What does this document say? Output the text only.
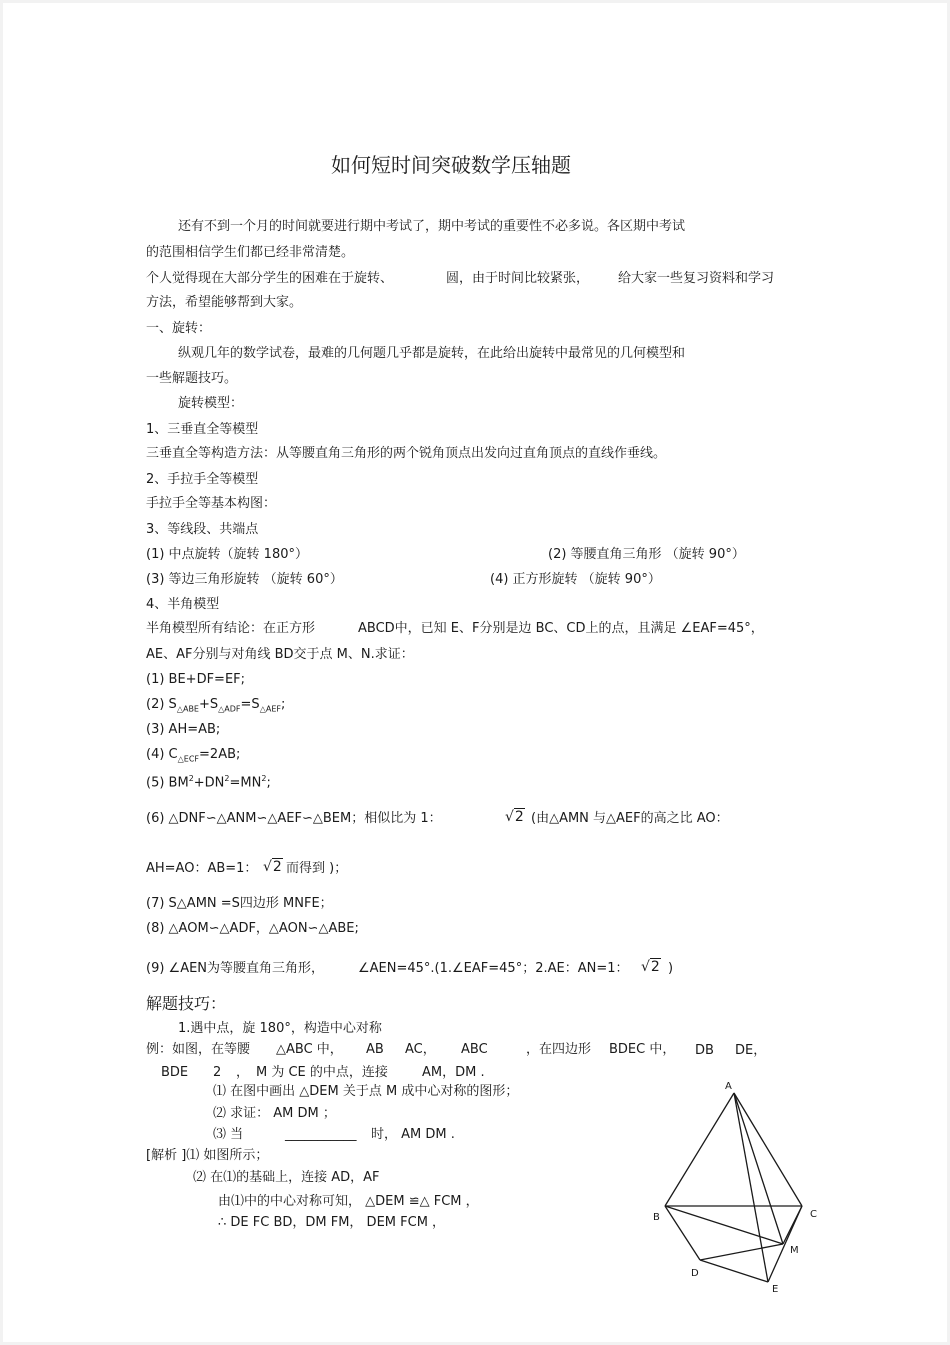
如何短时间突破数学压轴题
还有不到一个月的时间就要进行期中考试了，期中考试的重要性不必多说。各区期中考试
的范围相信学生们都已经非常清楚。
个人觉得现在大部分学生的困难在于旋转、	圆，由于时间比较紧张， 给大家一些复习资料和学习
方法，希望能够帮到大家。
一、旋转：
纵观几年的数学试卷，最难的几何题几乎都是旋转，在此给出旋转中最常见的几何模型和
一些解题技巧。
旋转模型：
1、三垂直全等模型
三垂直全等构造方法：从等腰直角三角形的两个锐角顶点出发向过直角顶点的直线作垂线。
2、手拉手全等模型
手拉手全等基本构图：
3、等线段、共端点
(1) 中点旋转（旋转 180°）	(2) 等腰直角三角形 （旋转 90°）
(3) 等边三角形旋转 （旋转 60°）	(4) 正方形旋转 （旋转 90°）
4、半角模型
半角模型所有结论：在正方形	ABCD中，已知 E、F分别是边 BC、CD上的点，且满足 ∠EAF=45°，
AE、AF分别与对角线 BD交于点 M、N.求证：
(1) BE+DF=EF;
(2) $S_{\triangle ABE}+S_{\triangle ADF}=S_{\triangle AEF}$;
(3) AH=AB;
(4) $C_{\triangle ECF}=2AB$;
(5) $BM^2+DN^2=MN^2$;
(6) △DNF∽△ANM∽△AEF∽△BEM；相似比为 1：	√2 (由△AMN 与△AEF的高之比 AO：
AH=AO：AB=1： √2 而得到 )；
(7) S△AMN =S四边形 MNFE；
(8) △AOM∽△ADF，△AON∽△ABE;
(9) ∠AEN为等腰直角三角形，	∠AEN=45°.(1.∠EAF=45°；2.AE：AN=1： √2 )
解题技巧：
1.遇中点，旋 180°，构造中心对称
例：如图，在等腰 △ABC 中， AB AC， ABC	，在四边形 BDEC 中， DB DE，
BDE 2 ， M 为 CE 的中点，连接	AM，DM .
⑴ 在图中画出 △DEM 关于点 M 成中心对称的图形；
⑵ 求证： AM DM ；
⑶ 当	___________ 时， AM DM .
[解析 ]⑴ 如图所示；
⑵ 在⑴的基础上，连接 AD，AF
由⑴中的中心对称可知， △DEM ≌△ FCM ，
∴ DE FC BD，DM FM， DEM FCM ，
A
B	C
M
D
E
